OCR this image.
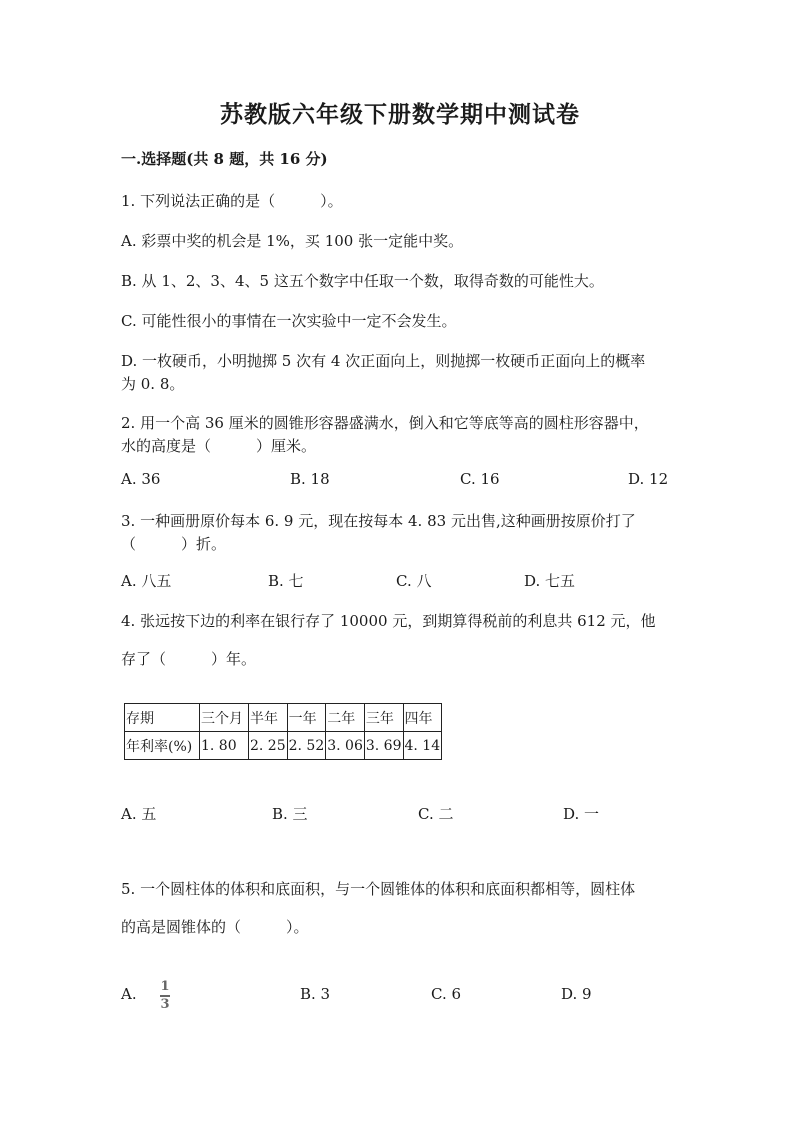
苏教版六年级下册数学期中测试卷
一.选择题(共 8 题，共 16 分)
1. 下列说法正确的是（　　　）。
A. 彩票中奖的机会是 1%，买 100 张一定能中奖。
B. 从 1、2、3、4、5 这五个数字中任取一个数，取得奇数的可能性大。
C. 可能性很小的事情在一次实验中一定不会发生。
D. 一枚硬币，小明抛掷 5 次有 4 次正面向上，则抛掷一枚硬币正面向上的概率
为 0. 8。
2. 用一个高 36 厘米的圆锥形容器盛满水，倒入和它等底等高的圆柱形容器中，
水的高度是（　　　）厘米。
A. 36	B. 18	C. 16	D. 12
3. 一种画册原价每本 6. 9 元，现在按每本 4. 83 元出售,这种画册按原价打了
（　　　）折。
A. 八五	B. 七	C. 八	D. 七五
4. 张远按下边的利率在银行存了 10000 元，到期算得税前的利息共 612 元，他
存了（　　　）年。
存期	三个月	半年	一年	二年	三年	四年
年利率(%)	1. 80	2. 25	2. 52	3. 06	3. 69	4. 14
A. 五	B. 三	C. 二	D. 一
5. 一个圆柱体的体积和底面积，与一个圆锥体的体积和底面积都相等，圆柱体
的高是圆锥体的（　　　）。
A. 1
3
B. 3	C. 6	D. 9
